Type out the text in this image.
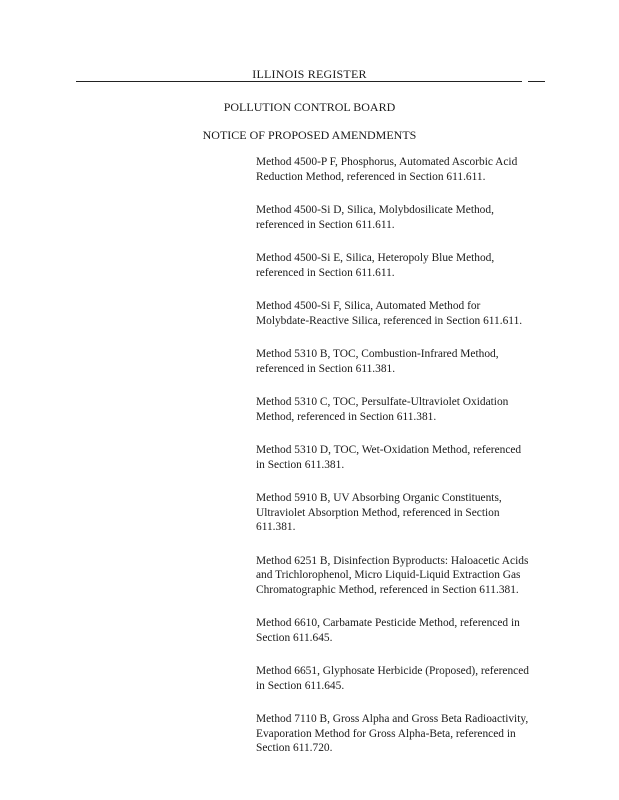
ILLINOIS REGISTER
POLLUTION CONTROL BOARD
NOTICE OF PROPOSED AMENDMENTS
Method 4500-P F, Phosphorus, Automated Ascorbic Acid
Reduction Method, referenced in Section 611.611.
Method 4500-Si D, Silica, Molybdosilicate Method,
referenced in Section 611.611.
Method 4500-Si E, Silica, Heteropoly Blue Method,
referenced in Section 611.611.
Method 4500-Si F, Silica, Automated Method for
Molybdate-Reactive Silica, referenced in Section 611.611.
Method 5310 B, TOC, Combustion-Infrared Method,
referenced in Section 611.381.
Method 5310 C, TOC, Persulfate-Ultraviolet Oxidation
Method, referenced in Section 611.381.
Method 5310 D, TOC, Wet-Oxidation Method, referenced
in Section 611.381.
Method 5910 B, UV Absorbing Organic Constituents,
Ultraviolet Absorption Method, referenced in Section
611.381.
Method 6251 B, Disinfection Byproducts: Haloacetic Acids
and Trichlorophenol, Micro Liquid-Liquid Extraction Gas
Chromatographic Method, referenced in Section 611.381.
Method 6610, Carbamate Pesticide Method, referenced in
Section 611.645.
Method 6651, Glyphosate Herbicide (Proposed), referenced
in Section 611.645.
Method 7110 B, Gross Alpha and Gross Beta Radioactivity,
Evaporation Method for Gross Alpha-Beta, referenced in
Section 611.720.
